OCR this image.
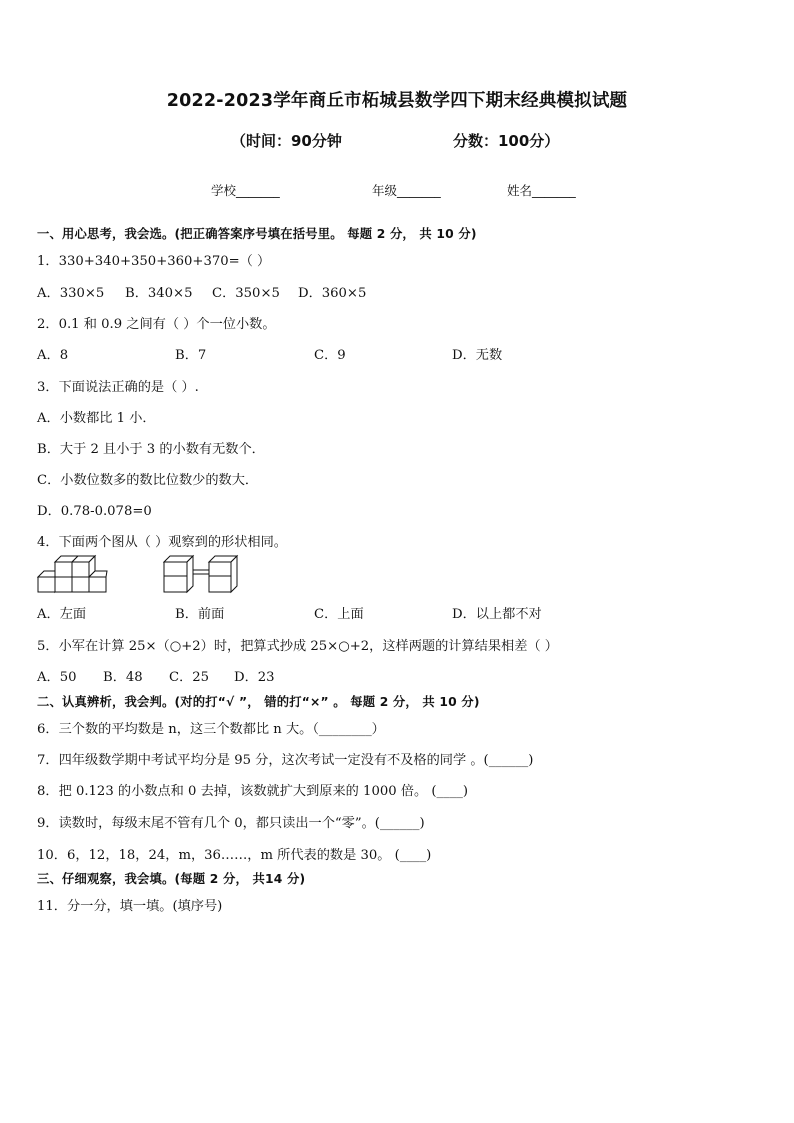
2022-2023学年商丘市柘城县数学四下期末经典模拟试题
（时间：90分钟	分数：100分）
学校_______	年级_______	姓名_______
一、用心思考，我会选。(把正确答案序号填在括号里。 每题 2 分， 共 10 分)
1．330+340+350+360+370=（ ）
A．330×5 B．340×5 C．350×5 D．360×5
2．0.1 和 0.9 之间有（ ）个一位小数。
A．8	B．7	C．9	D．无数
3．下面说法正确的是（ ）.
A．小数都比 1 小．
B．大于 2 且小于 3 的小数有无数个．
C．小数位数多的数比位数少的数大．
D．0.78-0.078=0
4．下面两个图从（ ）观察到的形状相同。
A．左面	B．前面	C．上面	D．以上都不对
5．小军在计算 25×（○+2）时，把算式抄成 25×○+2，这样两题的计算结果相差（ ）
A．50 B．48 C．25 D．23
二、认真辨析，我会判。(对的打“√ ”， 错的打“×” 。 每题 2 分， 共 10 分)
6．三个数的平均数是 n，这三个数都比 n 大。（________）
7．四年级数学期中考试平均分是 95 分，这次考试一定没有不及格的同学 。(______)
8．把 0.123 的小数点和 0 去掉，该数就扩大到原来的 1000 倍。 (____)
9．读数时，每级末尾不管有几个 0，都只读出一个“零”。(______)
10．6，12，18，24，m，36……，m 所代表的数是 30。 (____)
三、仔细观察，我会填。(每题 2 分， 共14 分)
11．分一分，填一填。(填序号)
